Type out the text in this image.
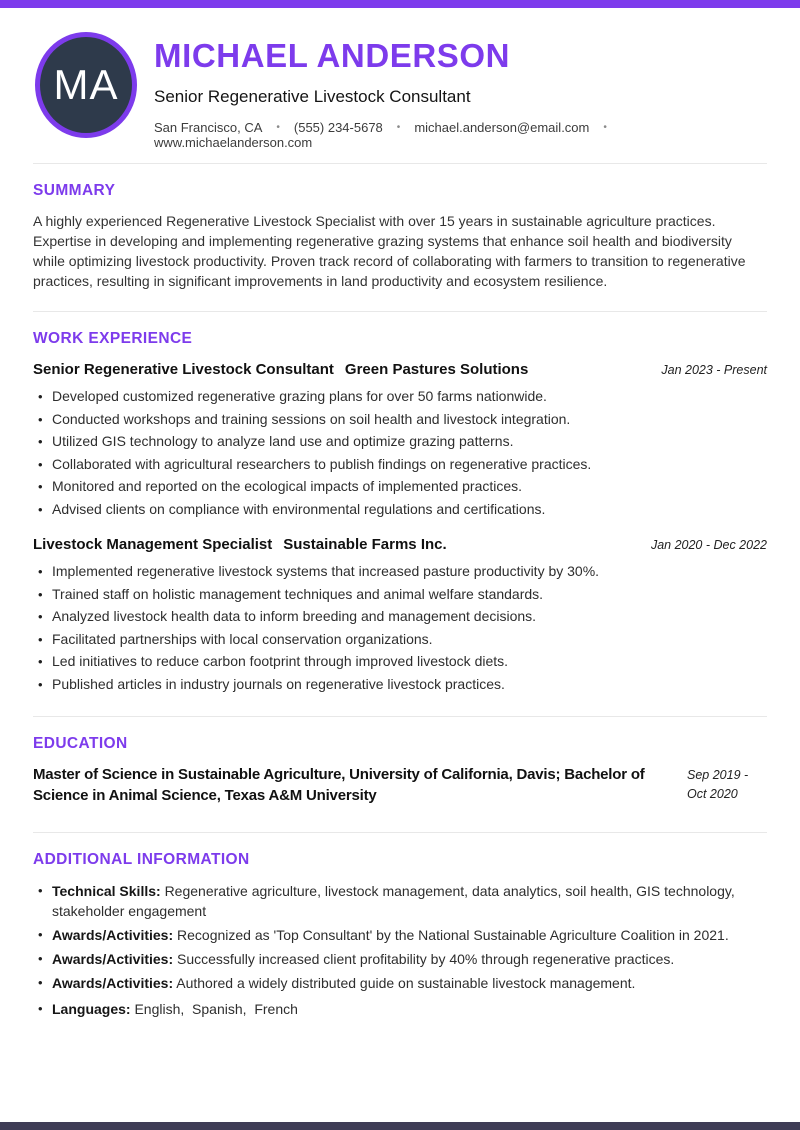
MA
MICHAEL ANDERSON
Senior Regenerative Livestock Consultant
San Francisco, CA • (555) 234-5678 • michael.anderson@email.com •
www.michaelanderson.com
SUMMARY
A highly experienced Regenerative Livestock Specialist with over 15 years in sustainable agriculture practices. Expertise in developing and implementing regenerative grazing systems that enhance soil health and biodiversity while optimizing livestock productivity. Proven track record of collaborating with farmers to transition to regenerative practices, resulting in significant improvements in land productivity and ecosystem resilience.
WORK EXPERIENCE
Senior Regenerative Livestock Consultant Green Pastures Solutions	Jan 2023 - Present
• Developed customized regenerative grazing plans for over 50 farms nationwide.
• Conducted workshops and training sessions on soil health and livestock integration.
• Utilized GIS technology to analyze land use and optimize grazing patterns.
• Collaborated with agricultural researchers to publish findings on regenerative practices.
• Monitored and reported on the ecological impacts of implemented practices.
• Advised clients on compliance with environmental regulations and certifications.
Livestock Management Specialist Sustainable Farms Inc.	Jan 2020 - Dec 2022
• Implemented regenerative livestock systems that increased pasture productivity by 30%.
• Trained staff on holistic management techniques and animal welfare standards.
• Analyzed livestock health data to inform breeding and management decisions.
• Facilitated partnerships with local conservation organizations.
• Led initiatives to reduce carbon footprint through improved livestock diets.
• Published articles in industry journals on regenerative livestock practices.
EDUCATION
Master of Science in Sustainable Agriculture, University of California, Davis; Bachelor of Science in Animal Science, Texas A&M University
Sep 2019 - Oct 2020
ADDITIONAL INFORMATION
• Technical Skills: Regenerative agriculture, livestock management, data analytics, soil health, GIS technology, stakeholder engagement
• Awards/Activities: Recognized as 'Top Consultant' by the National Sustainable Agriculture Coalition in 2021.
• Awards/Activities: Successfully increased client profitability by 40% through regenerative practices.
• Awards/Activities: Authored a widely distributed guide on sustainable livestock management.
• Languages: English,  Spanish,  French
